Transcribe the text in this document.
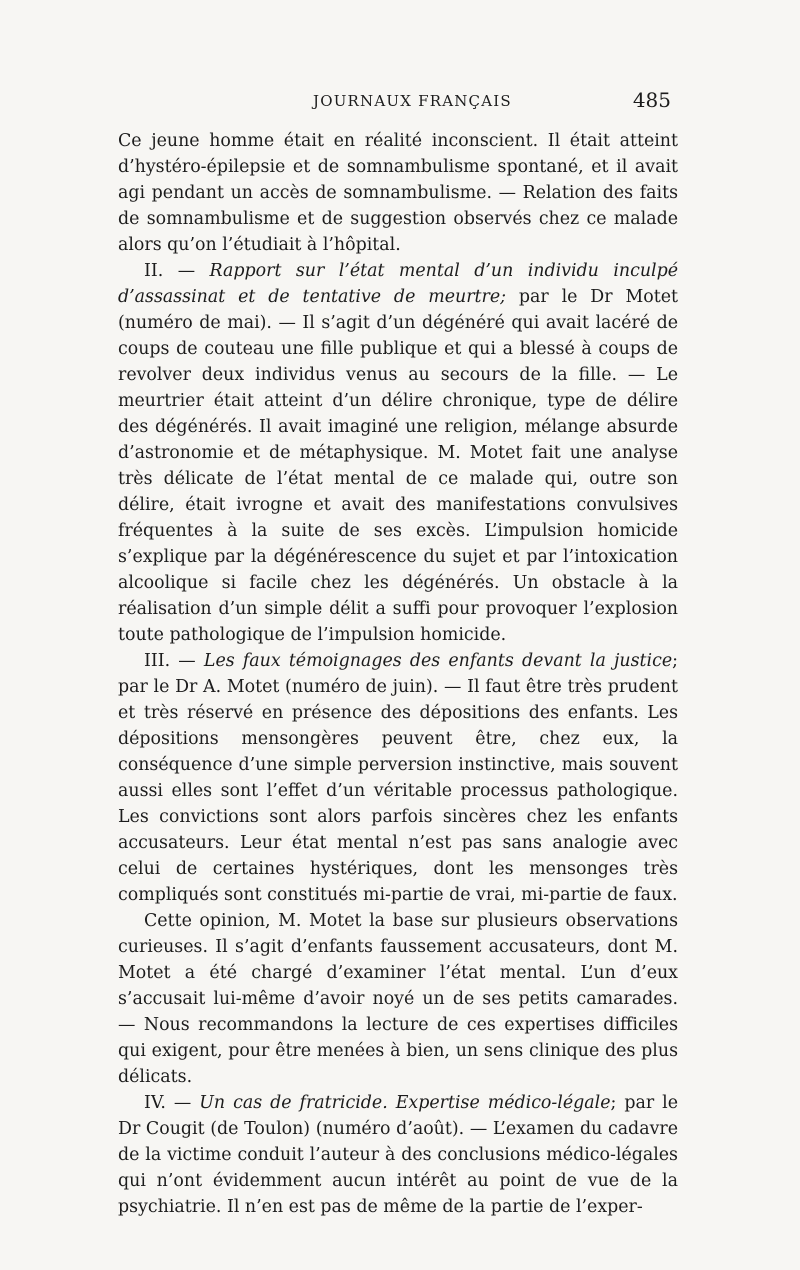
JOURNAUX FRANÇAIS	485

Ce jeune homme était en réalité inconscient. Il était atteint d’hystéro-épilepsie et de somnambulisme spontané, et il avait agi pendant un accès de somnambulisme. — Relation des faits de somnambulisme et de suggestion observés chez ce malade alors qu’on l’étudiait à l’hôpital.

II. — Rapport sur l’état mental d’un individu inculpé d’assassinat et de tentative de meurtre; par le Dr Motet (numéro de mai). — Il s’agit d’un dégénéré qui avait lacéré de coups de couteau une fille publique et qui a blessé à coups de revolver deux individus venus au secours de la fille. — Le meurtrier était atteint d’un délire chronique, type de délire des dégénérés. Il avait imaginé une religion, mélange absurde d’astronomie et de métaphysique. M. Motet fait une analyse très délicate de l’état mental de ce malade qui, outre son délire, était ivrogne et avait des manifestations convulsives fréquentes à la suite de ses excès. L’impulsion homicide s’explique par la dégénérescence du sujet et par l’intoxication alcoolique si facile chez les dégénérés. Un obstacle à la réalisation d’un simple délit a suffi pour provoquer l’explosion toute pathologique de l’impulsion homicide.

III. — Les faux témoignages des enfants devant la justice; par le Dr A. Motet (numéro de juin). — Il faut être très prudent et très réservé en présence des dépositions des enfants. Les dépositions mensongères peuvent être, chez eux, la conséquence d’une simple perversion instinctive, mais souvent aussi elles sont l’effet d’un véritable processus pathologique. Les convictions sont alors parfois sincères chez les enfants accusateurs. Leur état mental n’est pas sans analogie avec celui de certaines hystériques, dont les mensonges très compliqués sont constitués mi-partie de vrai, mi-partie de faux.

Cette opinion, M. Motet la base sur plusieurs observations curieuses. Il s’agit d’enfants faussement accusateurs, dont M. Motet a été chargé d’examiner l’état mental. L’un d’eux s’accusait lui-même d’avoir noyé un de ses petits camarades. — Nous recommandons la lecture de ces expertises difficiles qui exigent, pour être menées à bien, un sens clinique des plus délicats.

IV. — Un cas de fratricide. Expertise médico-légale; par le Dr Cougit (de Toulon) (numéro d’août). — L’examen du cadavre de la victime conduit l’auteur à des conclusions médico-légales qui n’ont évidemment aucun intérêt au point de vue de la psychiatrie. Il n’en est pas de même de la partie de l’exper-
